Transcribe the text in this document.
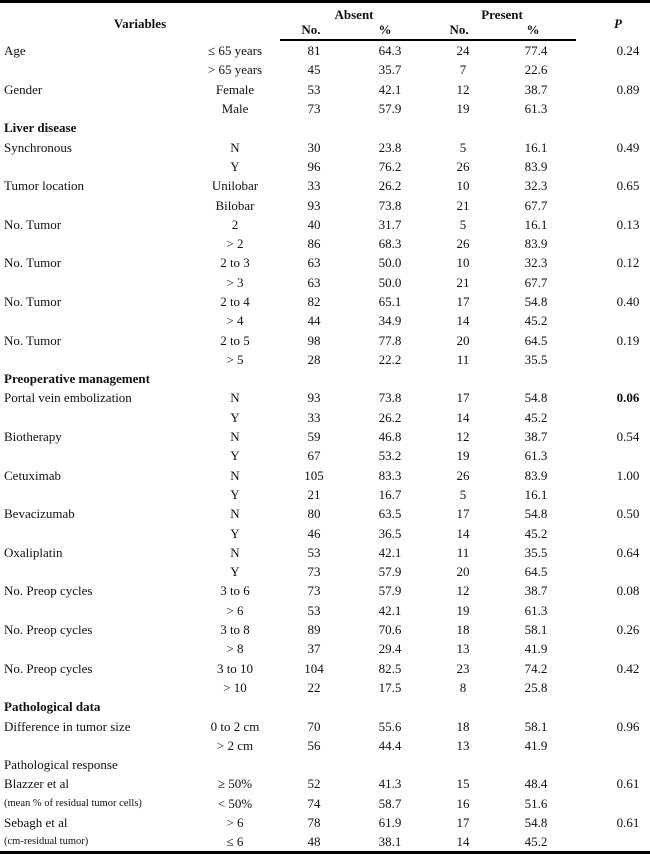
Variables		Absent		Present		P
		No.	%	No.	%	
Age	≤ 65 years	81	64.3	24	77.4	0.24
	> 65 years	45	35.7	7	22.6	
Gender	Female	53	42.1	12	38.7	0.89
	Male	73	57.9	19	61.3	
Liver disease						
Synchronous	N	30	23.8	5	16.1	0.49
	Y	96	76.2	26	83.9	
Tumor location	Unilobar	33	26.2	10	32.3	0.65
	Bilobar	93	73.8	21	67.7	
No. Tumor	2	40	31.7	5	16.1	0.13
	> 2	86	68.3	26	83.9	
No. Tumor	2 to 3	63	50.0	10	32.3	0.12
	> 3	63	50.0	21	67.7	
No. Tumor	2 to 4	82	65.1	17	54.8	0.40
	> 4	44	34.9	14	45.2	
No. Tumor	2 to 5	98	77.8	20	64.5	0.19
	> 5	28	22.2	11	35.5	
Preoperative management						
Portal vein embolization	N	93	73.8	17	54.8	0.06
	Y	33	26.2	14	45.2	
Biotherapy	N	59	46.8	12	38.7	0.54
	Y	67	53.2	19	61.3	
Cetuximab	N	105	83.3	26	83.9	1.00
	Y	21	16.7	5	16.1	
Bevacizumab	N	80	63.5	17	54.8	0.50
	Y	46	36.5	14	45.2	
Oxaliplatin	N	53	42.1	11	35.5	0.64
	Y	73	57.9	20	64.5	
No. Preop cycles	3 to 6	73	57.9	12	38.7	0.08
	> 6	53	42.1	19	61.3	
No. Preop cycles	3 to 8	89	70.6	18	58.1	0.26
	> 8	37	29.4	13	41.9	
No. Preop cycles	3 to 10	104	82.5	23	74.2	0.42
	> 10	22	17.5	8	25.8	
Pathological data						
Difference in tumor size	0 to 2 cm	70	55.6	18	58.1	0.96
	> 2 cm	56	44.4	13	41.9	
Pathological response						
Blazzer et al	≥ 50%	52	41.3	15	48.4	0.61
(mean % of residual tumor cells)	< 50%	74	58.7	16	51.6	
Sebagh et al	> 6	78	61.9	17	54.8	0.61
(cm-residual tumor)	≤ 6	48	38.1	14	45.2	
